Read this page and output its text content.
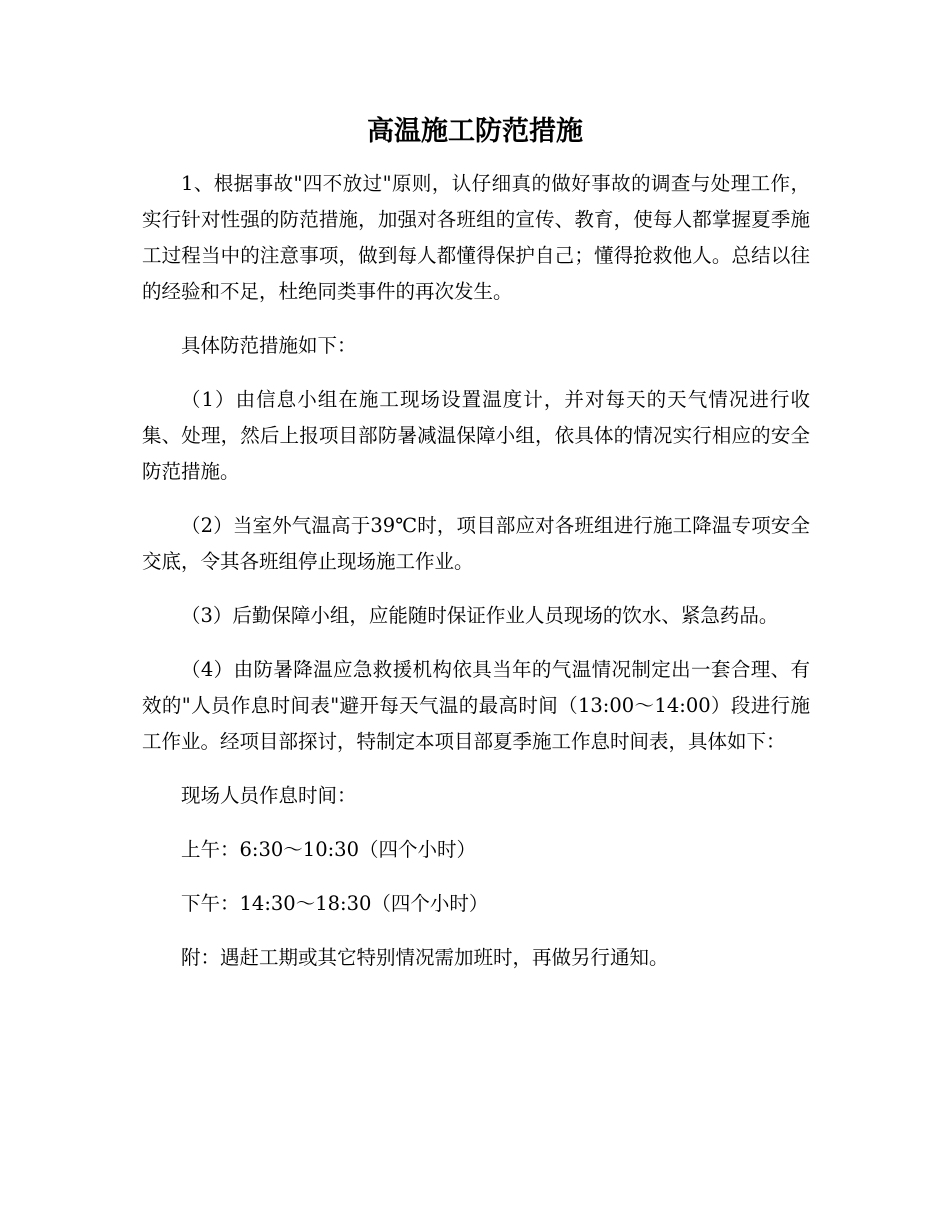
高温施工防范措施

1、根据事故"四不放过"原则，认仔细真的做好事故的调查与处理工作，实行针对性强的防范措施，加强对各班组的宣传、教育，使每人都掌握夏季施工过程当中的注意事项，做到每人都懂得保护自己；懂得抢救他人。总结以往的经验和不足，杜绝同类事件的再次发生。

具体防范措施如下：

（1）由信息小组在施工现场设置温度计，并对每天的天气情况进行收集、处理，然后上报项目部防暑减温保障小组，依具体的情况实行相应的安全防范措施。

（2）当室外气温高于39℃时，项目部应对各班组进行施工降温专项安全交底，令其各班组停止现场施工作业。

（3）后勤保障小组，应能随时保证作业人员现场的饮水、紧急药品。

（4）由防暑降温应急救援机构依具当年的气温情况制定出一套合理、有效的"人员作息时间表"避开每天气温的最高时间（13:00～14:00）段进行施工作业。经项目部探讨，特制定本项目部夏季施工作息时间表，具体如下：

现场人员作息时间：

上午：6:30～10:30（四个小时）

下午：14:30～18:30（四个小时）

附：遇赶工期或其它特别情况需加班时，再做另行通知。
